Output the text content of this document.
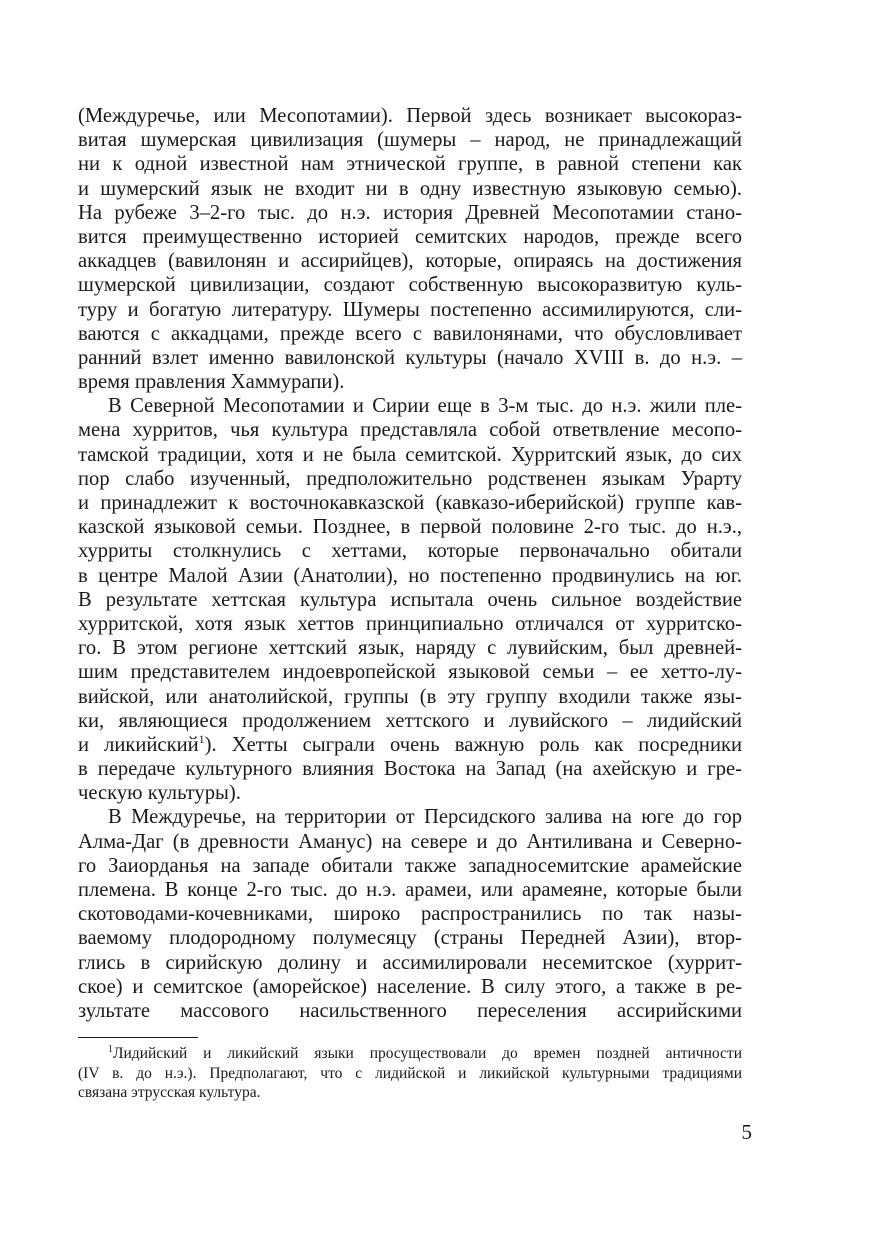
(Междуречье, или Месопотамии). Первой здесь возникает высокораз-
витая шумерская цивилизация (шумеры – народ, не принадлежащий
ни к одной известной нам этнической группе, в равной степени как
и шумерский язык не входит ни в одну известную языковую семью).
На рубеже 3–2-го тыс. до н.э. история Древней Месопотамии стано-
вится преимущественно историей семитских народов, прежде всего
аккадцев (вавилонян и ассирийцев), которые, опираясь на достижения
шумерской цивилизации, создают собственную высокоразвитую куль-
туру и богатую литературу. Шумеры постепенно ассимилируются, сли-
ваются с аккадцами, прежде всего с вавилонянами, что обусловливает
ранний взлет именно вавилонской культуры (начало XVIII в. до н.э. –
время правления Хаммурапи).
В Северной Месопотамии и Сирии еще в 3-м тыс. до н.э. жили пле-
мена хурритов, чья культура представляла собой ответвление месопо-
тамской традиции, хотя и не была семитской. Хурритский язык, до сих
пор слабо изученный, предположительно родственен языкам Урарту
и принадлежит к восточнокавказской (кавказо-иберийской) группе кав-
казской языковой семьи. Позднее, в первой половине 2-го тыс. до н.э.,
хурриты столкнулись с хеттами, которые первоначально обитали
в центре Малой Азии (Анатолии), но постепенно продвинулись на юг.
В результате хеттская культура испытала очень сильное воздействие
хурритской, хотя язык хеттов принципиально отличался от хурритско-
го. В этом регионе хеттский язык, наряду с лувийским, был древней-
шим представителем индоевропейской языковой семьи – ее хетто-лу-
вийской, или анатолийской, группы (в эту группу входили также язы-
ки, являющиеся продолжением хеттского и лувийского – лидийский
и ликийский$^1$). Хетты сыграли очень важную роль как посредники
в передаче культурного влияния Востока на Запад (на ахейскую и гре-
ческую культуры).
В Междуречье, на территории от Персидского залива на юге до гор
Алма-Даг (в древности Аманус) на севере и до Антиливана и Северно-
го Заиорданья на западе обитали также западносемитские арамейские
племена. В конце 2-го тыс. до н.э. арамеи, или арамеяне, которые были
скотоводами-кочевниками, широко распространились по так назы-
ваемому плодородному полумесяцу (страны Передней Азии), втор-
глись в сирийскую долину и ассимилировали несемитское (хуррит-
ское) и семитское (аморейское) население. В силу этого, а также в ре-
зультате массового насильственного переселения ассирийскими
$^1$Лидийский и ликийский языки просуществовали до времен поздней античности
(IV в. до н.э.). Предполагают, что с лидийской и ликийской культурными традициями
связана этрусская культура.
5
